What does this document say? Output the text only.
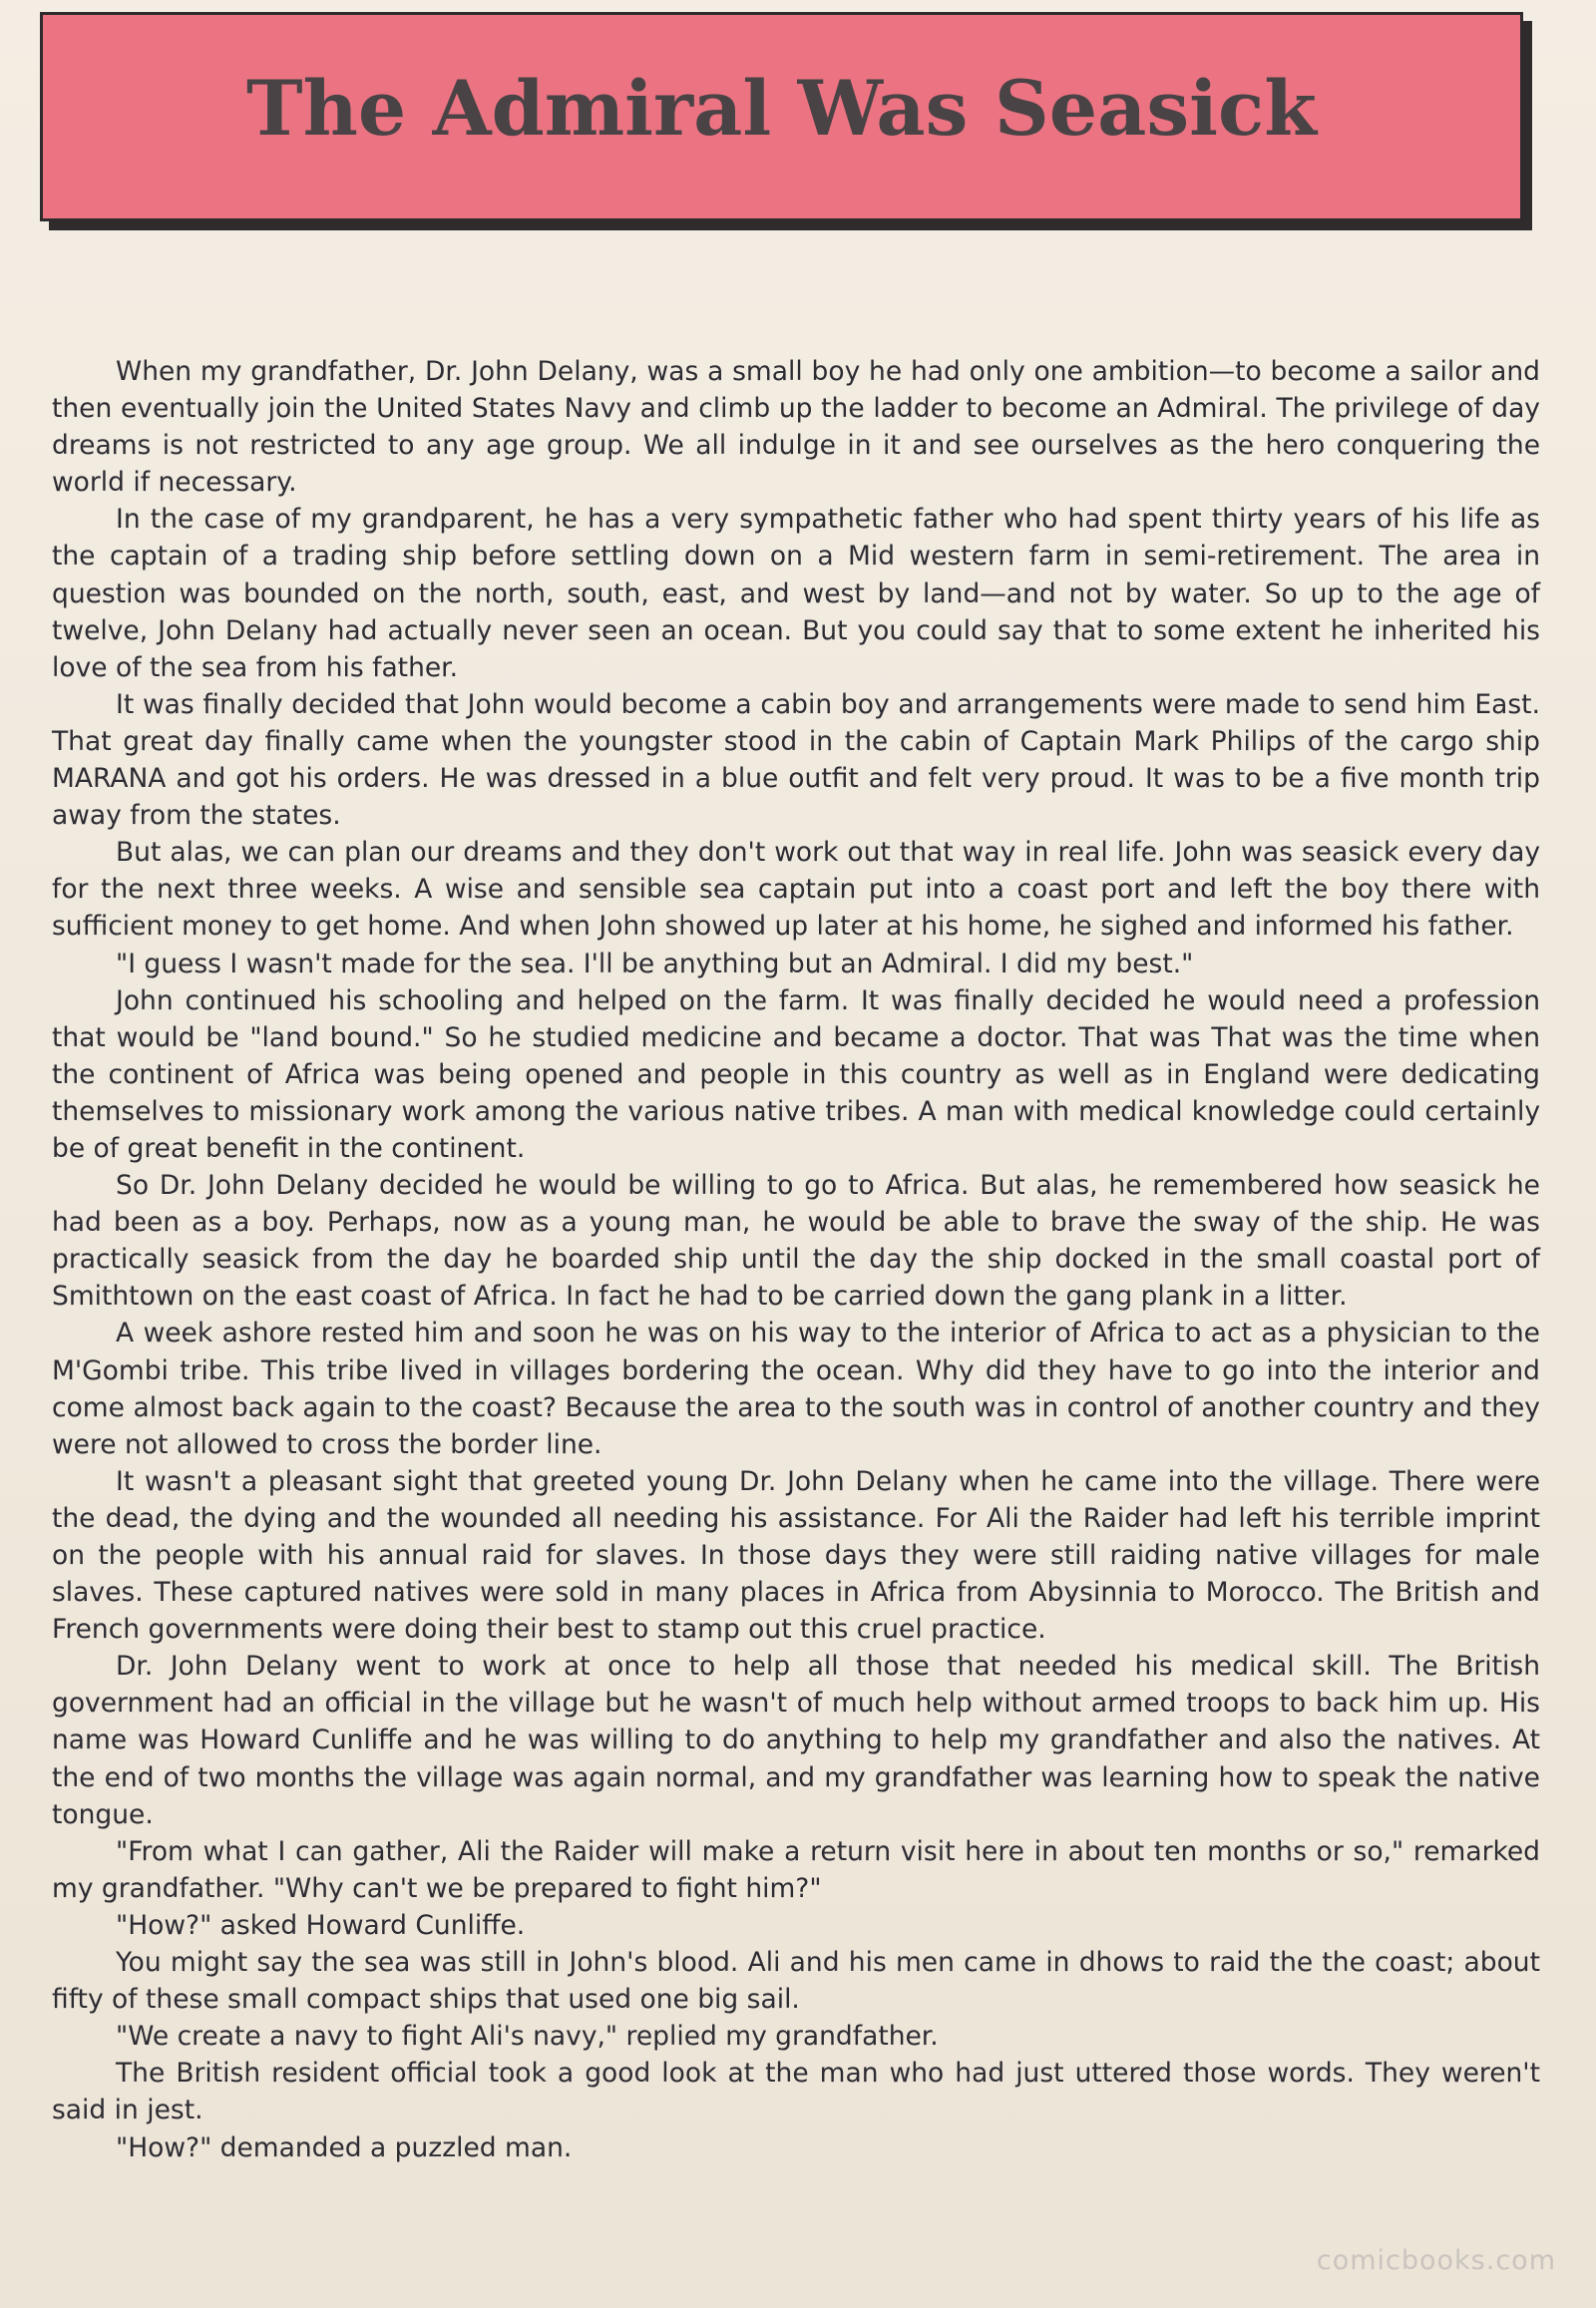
The Admiral Was Seasick

When my grandfather, Dr. John Delany, was a small boy he had only one ambition—to become a sailor and then eventually join the United States Navy and climb up the ladder to become an Admiral. The privilege of day dreams is not restricted to any age group. We all indulge in it and see ourselves as the hero conquering the world if necessary.

In the case of my grandparent, he has a very sympathetic father who had spent thirty years of his life as the captain of a trading ship before settling down on a Mid western farm in semi-retirement. The area in question was bounded on the north, south, east, and west by land—and not by water. So up to the age of twelve, John Delany had actually never seen an ocean. But you could say that to some extent he inherited his love of the sea from his father.

It was finally decided that John would become a cabin boy and arrangements were made to send him East. That great day finally came when the youngster stood in the cabin of Captain Mark Philips of the cargo ship MARANA and got his orders. He was dressed in a blue outfit and felt very proud. It was to be a five month trip away from the states.

But alas, we can plan our dreams and they don't work out that way in real life. John was seasick every day for the next three weeks. A wise and sensible sea captain put into a coast port and left the boy there with sufficient money to get home. And when John showed up later at his home, he sighed and informed his father.

"I guess I wasn't made for the sea. I'll be anything but an Admiral. I did my best."

John continued his schooling and helped on the farm. It was finally decided he would need a profession that would be "land bound." So he studied medicine and became a doctor. That was That was the time when the continent of Africa was being opened and people in this country as well as in England were dedicating themselves to missionary work among the various native tribes. A man with medical knowledge could certainly be of great benefit in the continent.

So Dr. John Delany decided he would be willing to go to Africa. But alas, he remembered how seasick he had been as a boy. Perhaps, now as a young man, he would be able to brave the sway of the ship. He was practically seasick from the day he boarded ship until the day the ship docked in the small coastal port of Smithtown on the east coast of Africa. In fact he had to be carried down the gang plank in a litter.

A week ashore rested him and soon he was on his way to the interior of Africa to act as a physician to the M'Gombi tribe. This tribe lived in villages bordering the ocean. Why did they have to go into the interior and come almost back again to the coast? Because the area to the south was in control of another country and they were not allowed to cross the border line.

It wasn't a pleasant sight that greeted young Dr. John Delany when he came into the village. There were the dead, the dying and the wounded all needing his assistance. For Ali the Raider had left his terrible imprint on the people with his annual raid for slaves. In those days they were still raiding native villages for male slaves. These captured natives were sold in many places in Africa from Abysinnia to Morocco. The British and French governments were doing their best to stamp out this cruel practice.

Dr. John Delany went to work at once to help all those that needed his medical skill. The British government had an official in the village but he wasn't of much help without armed troops to back him up. His name was Howard Cunliffe and he was willing to do anything to help my grandfather and also the natives. At the end of two months the village was again normal, and my grandfather was learning how to speak the native tongue.

"From what I can gather, Ali the Raider will make a return visit here in about ten months or so," remarked my grandfather. "Why can't we be prepared to fight him?"

"How?" asked Howard Cunliffe.

You might say the sea was still in John's blood. Ali and his men came in dhows to raid the the coast; about fifty of these small compact ships that used one big sail.

"We create a navy to fight Ali's navy," replied my grandfather.

The British resident official took a good look at the man who had just uttered those words. They weren't said in jest.

"How?" demanded a puzzled man.

comicbooks.com
